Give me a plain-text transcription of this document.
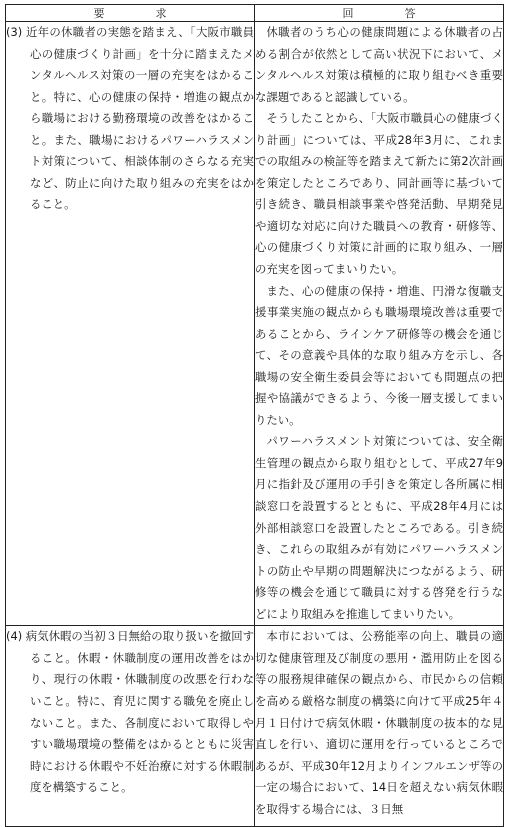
要　求	回　答

(3) 近年の休職者の実態を踏まえ、「大阪市職員心の健康づくり計画」を十分に踏まえたメンタルヘルス対策の一層の充実をはかること。特に、心の健康の保持・増進の観点から職場における勤務環境の改善をはかること。また、職場におけるパワーハラスメント対策について、相談体制のさらなる充実など、防止に向けた取り組みの充実をはかること。	休職者のうち心の健康問題による休職者の占める割合が依然として高い状況下において、メンタルヘルス対策は積極的に取り組むべき重要な課題であると認識している。

そうしたことから、「大阪市職員心の健康づくり計画」については、平成28年3月に、これまでの取組みの検証等を踏まえて新たに第2次計画を策定したところであり、同計画等に基づいて引き続き、職員相談事業や啓発活動、早期発見や適切な対応に向けた職員への教育・研修等、心の健康づくり対策に計画的に取り組み、一層の充実を図ってまいりたい。

また、心の健康の保持・増進、円滑な復職支援事業実施の観点からも職場環境改善は重要であることから、ラインケア研修等の機会を通じて、その意義や具体的な取り組み方を示し、各職場の安全衛生委員会等においても問題点の把握や協議ができるよう、今後一層支援してまいりたい。

パワーハラスメント対策については、安全衛生管理の観点から取り組むとして、平成27年9月に指針及び運用の手引きを策定し各所属に相談窓口を設置するとともに、平成28年4月には外部相談窓口を設置したところである。引き続き、これらの取組みが有効にパワーハラスメントの防止や早期の問題解決につながるよう、研修等の機会を通じて職員に対する啓発を行うなどにより取組みを推進してまいりたい。

(4) 病気休暇の当初３日無給の取り扱いを撤回すること。休暇・休職制度の運用改善をはかり、現行の休暇・休職制度の改悪を行わないこと。特に、育児に関する職免を廃止しないこと。また、各制度において取得しやすい職場環境の整備をはかるとともに災害時における休暇や不妊治療に対する休暇制度を構築すること。	本市においては、公務能率の向上、職員の適切な健康管理及び制度の悪用・濫用防止を図る等の服務規律確保の観点から、市民からの信頼を高める厳格な制度の構築に向けて平成25年４月１日付けで病気休暇・休職制度の抜本的な見直しを行い、適切に運用を行っているところであるが、平成30年12月よりインフルエンザ等の一定の場合において、14日を超えない病気休暇を取得する場合には、３日無
